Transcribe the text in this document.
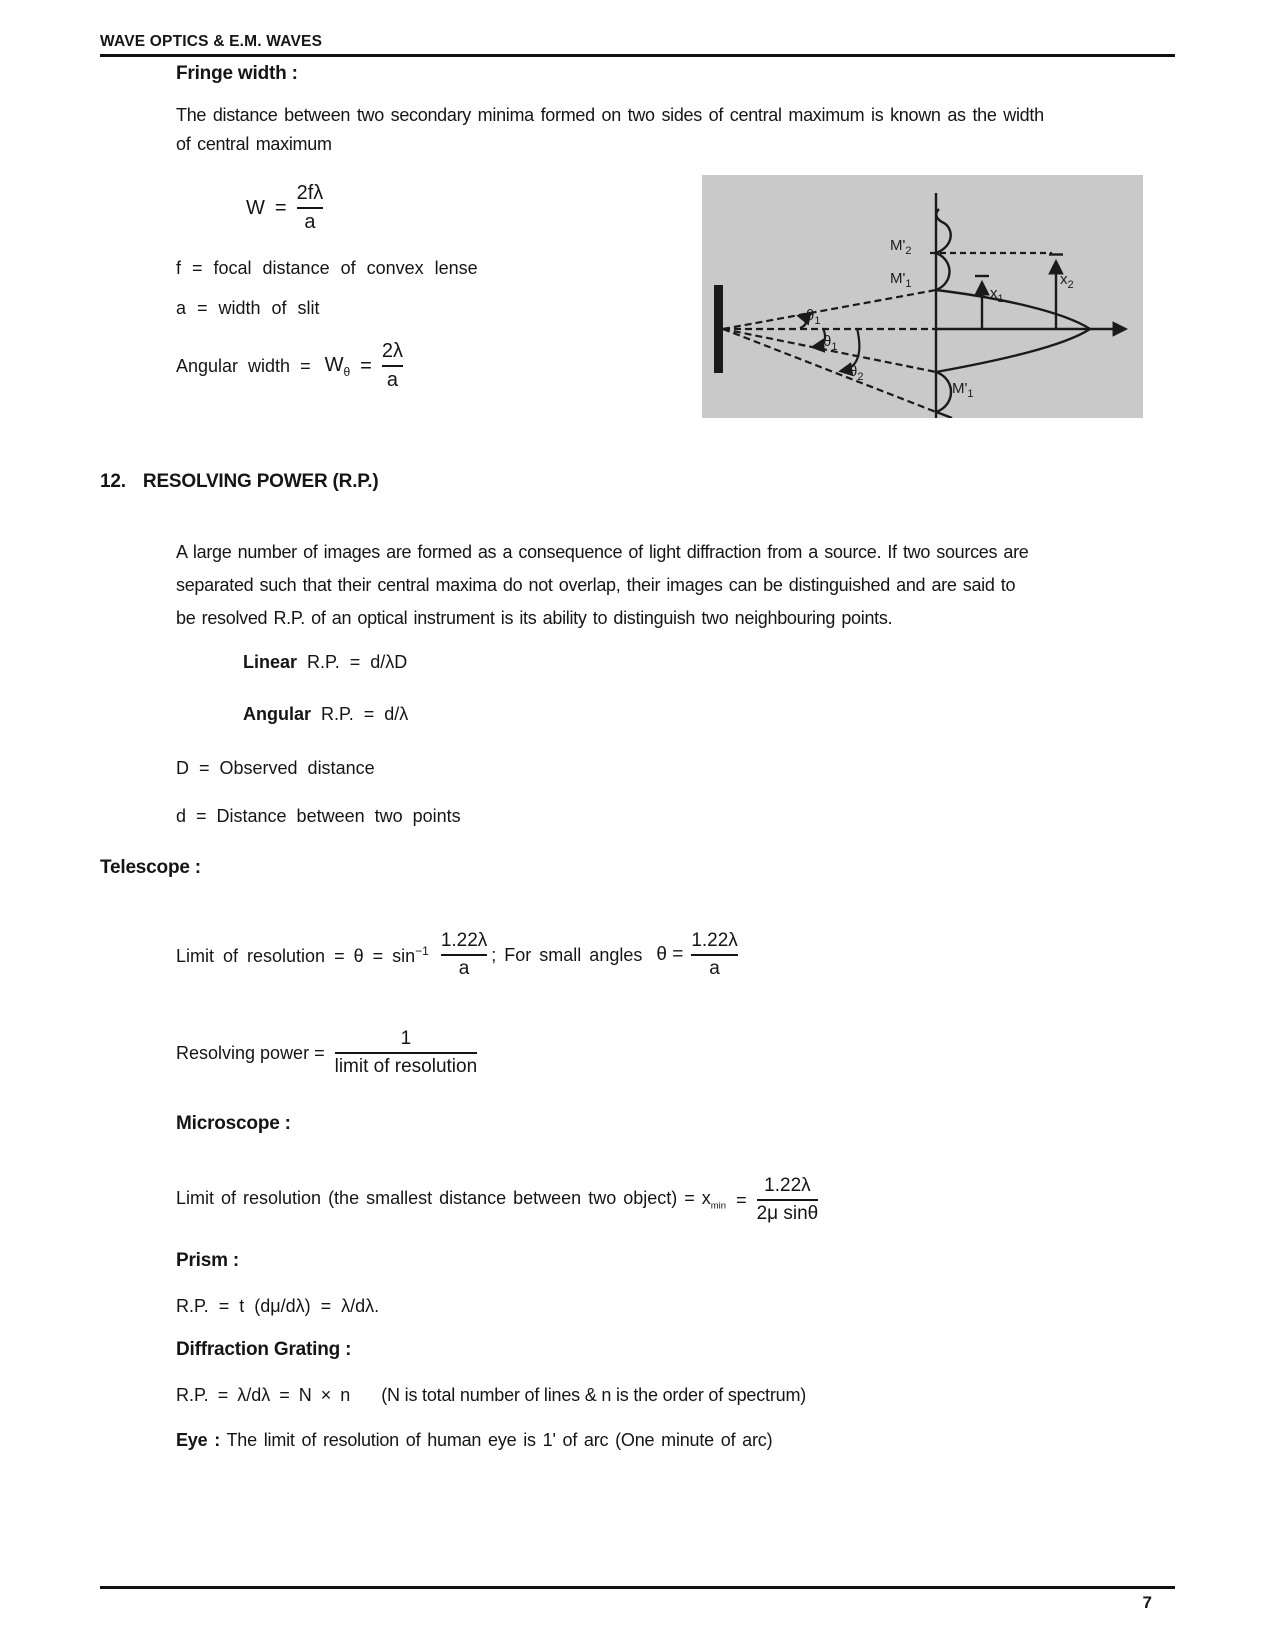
WAVE OPTICS & E.M. WAVES
Fringe width :
The distance between two secondary minima formed on two sides of central maximum is known as the width
of central maximum
$W = \frac{2f\lambda}{a}$
f = focal distance of convex lense
a = width of slit
Angular width = $W_\theta = \frac{2\lambda}{a}$
$M'_2$
$M'_1$
$x_1$
$x_2$
$M'_1$
$\theta_1$
$\theta_1$
$\theta_2$
12. RESOLVING POWER (R.P.)
A large number of images are formed as a consequence of light diffraction from a source. If two sources are
separated such that their central maxima do not overlap, their images can be distinguished and are said to
be resolved R.P. of an optical instrument is its ability to distinguish two neighbouring points.
Linear R.P. = d/λD
Angular R.P. = d/λ
D = Observed distance
d = Distance between two points
Telescope :
Limit of resolution = $\theta = \sin^{-1} \frac{1.22\lambda}{a}$ ; For small angles $\theta = \frac{1.22\lambda}{a}$
Resolving power = $\frac{1}{\text{limit of resolution}}$
Microscope :
Limit of resolution (the smallest distance between two object) = $x_{min} = \frac{1.22\lambda}{\text{2μ sinθ}}$
Prism :
R.P. = t (dμ/dλ) = λ/dλ.
Diffraction Grating :
R.P. = λ/dλ = N × n (N is total number of lines & n is the order of spectrum)
Eye : The limit of resolution of human eye is 1' of arc (One minute of arc)
7
